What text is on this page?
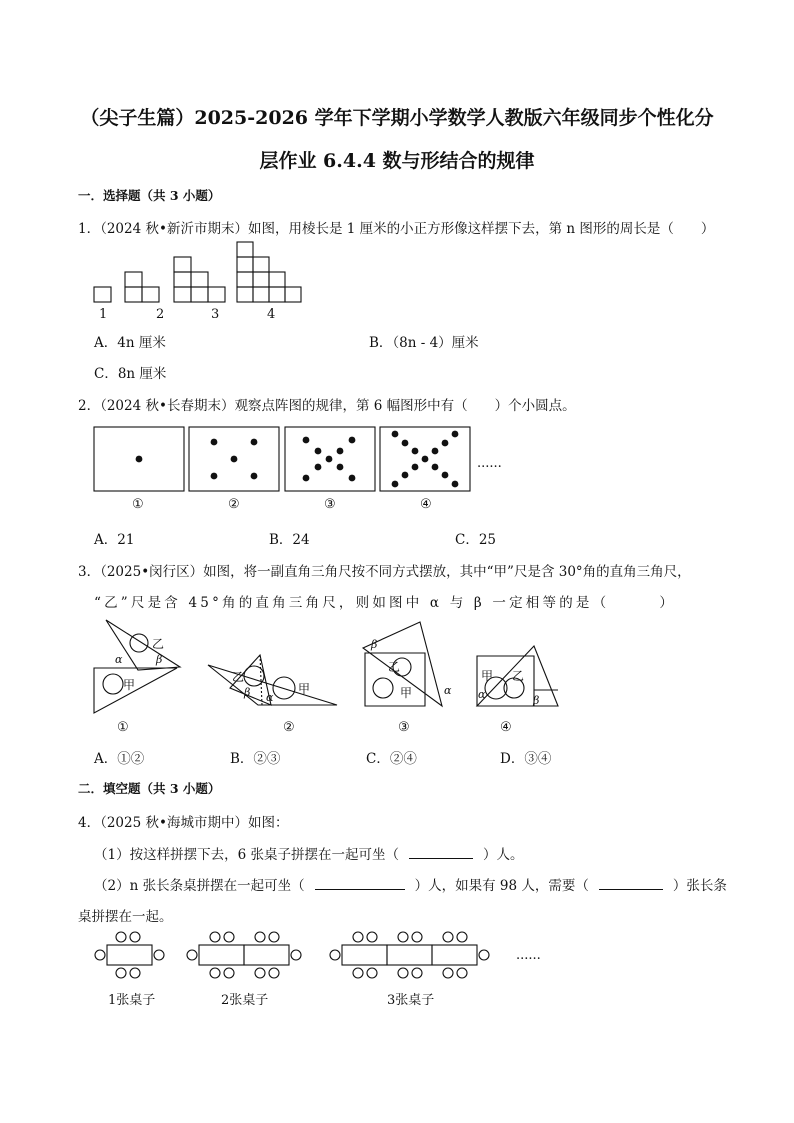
（尖子生篇）2025-2026 学年下学期小学数学人教版六年级同步个性化分
层作业 6.4.4 数与形结合的规律
一．选择题（共 3 小题）
1．（2024 秋•新沂市期末）如图，用棱长是 1 厘米的小正方形像这样摆下去，第 n 图形的周长是（　　）
1	2	3	4
A．4n 厘米	B．（8n - 4）厘米
C．8n 厘米
2．（2024 秋•长春期末）观察点阵图的规律，第 6 幅图形中有（　　）个小圆点。
......
①	②	③	④
A．21	B．24	C．25
3．（2025•闵行区）如图，将一副直角三角尺按不同方式摆放，其中“甲”尺是含 30°角的直角三角尺，
“乙”尺是含 45°角的直角三角尺，则如图中 α 与 β 一定相等的是（　　　）
乙
甲
α	β
乙
甲
β α
乙
甲
β
α
甲 乙
α	β
①	②	③	④
A．①②	B．②③	C．②④	D．③④
二．填空题（共 3 小题）
4．（2025 秋•海城市期中）如图：
（1）按这样拼摆下去，6 张桌子拼摆在一起可坐（	）人。
（2）n 张长条桌拼摆在一起可坐（	）人，如果有 98 人，需要（	）张长条
桌拼摆在一起。
......
1张桌子	2张桌子	3张桌子
